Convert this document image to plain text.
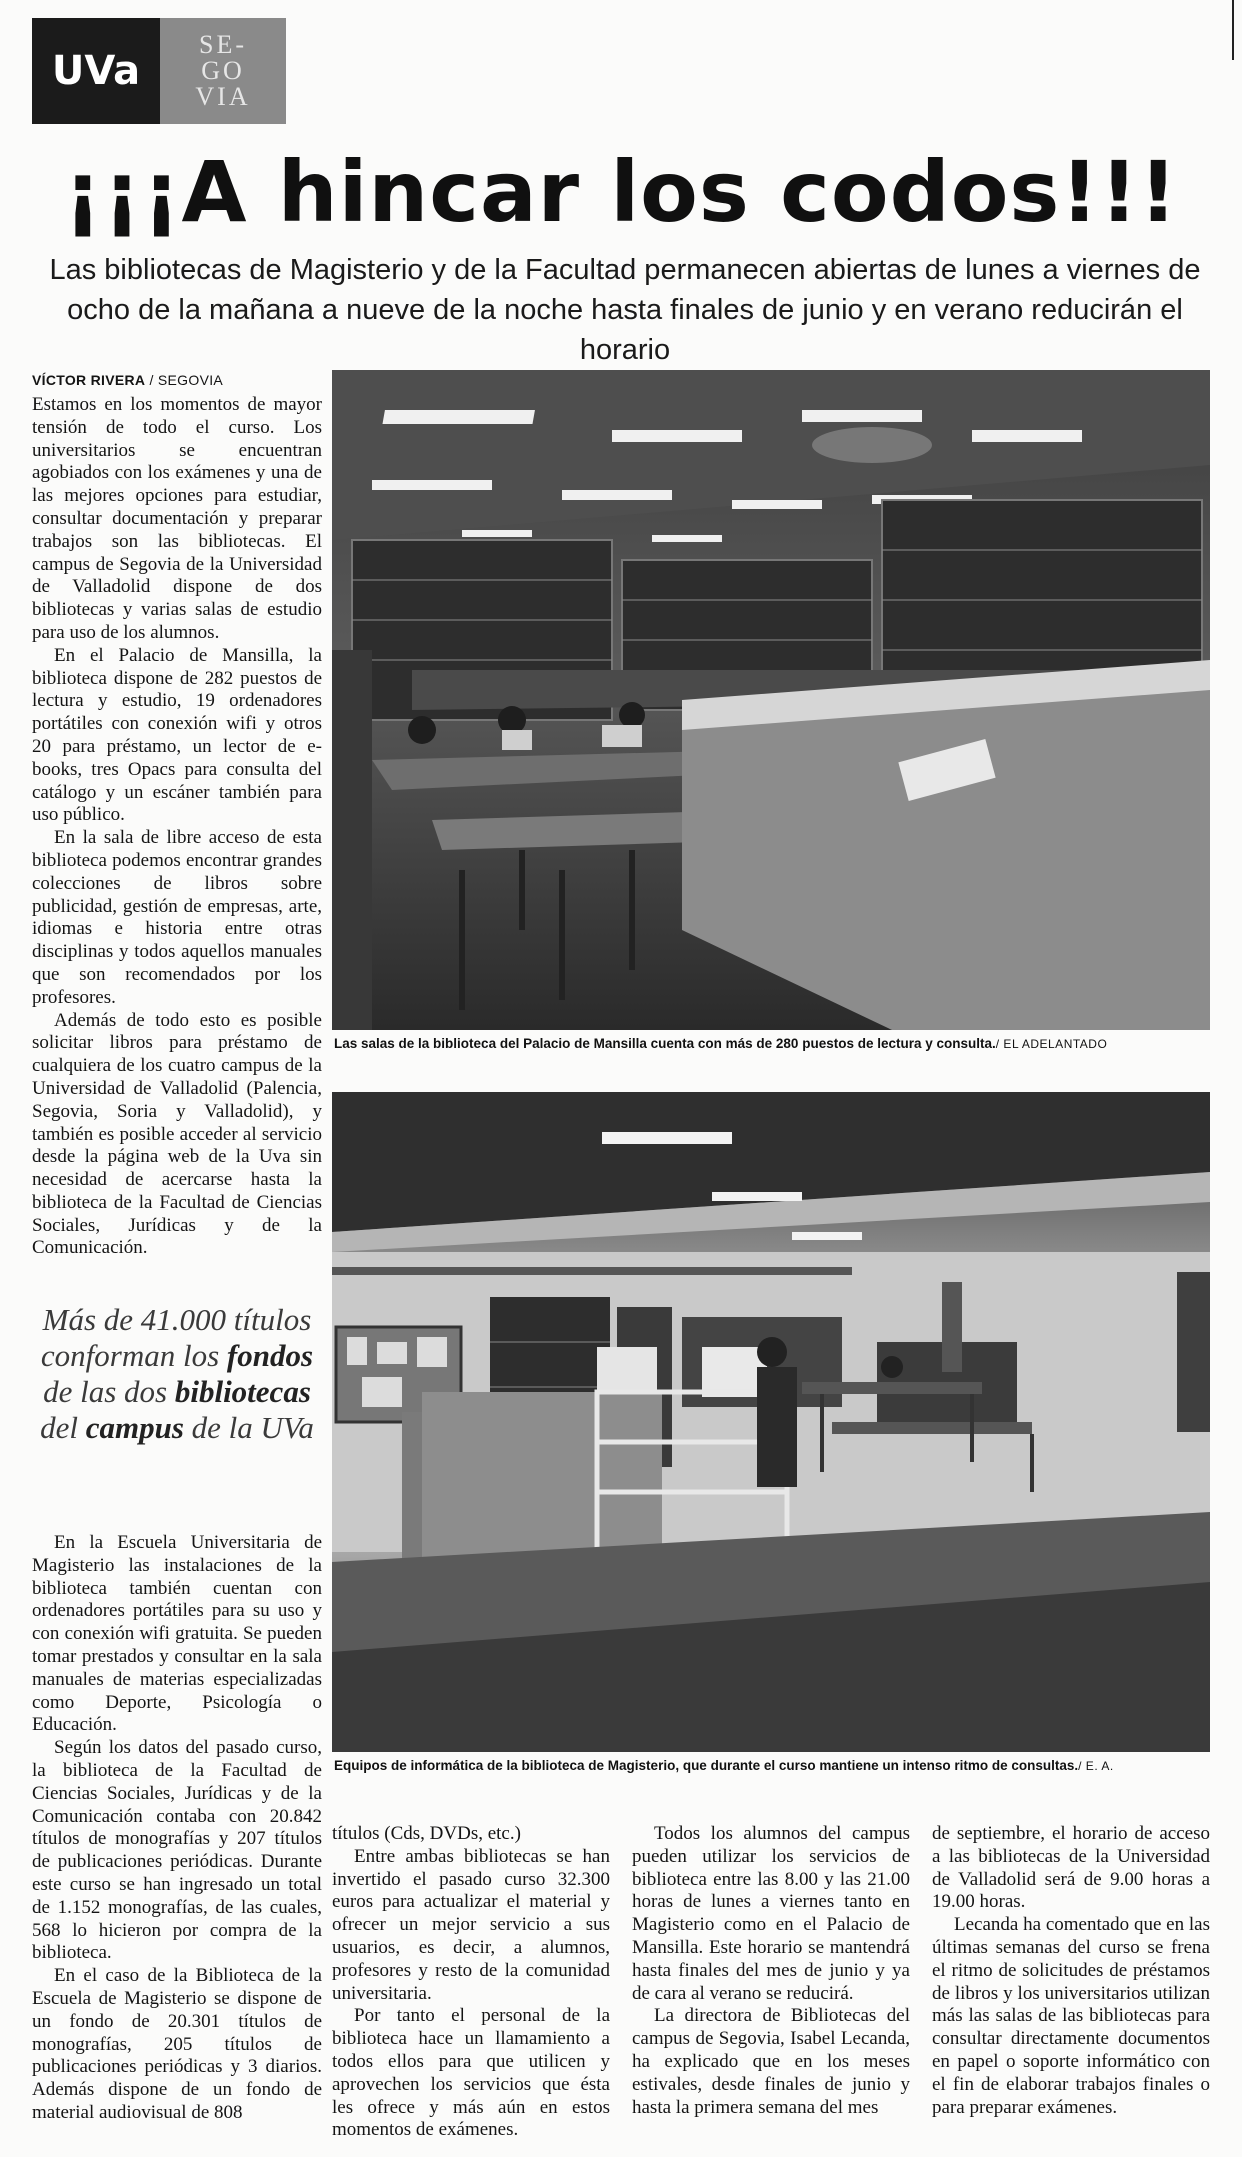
UVa
SE-
GO
VIA
¡¡¡A hincar los codos!!!
Las bibliotecas de Magisterio y de la Facultad permanecen abiertas de lunes a viernes de ocho de la mañana a nueve de la noche hasta finales de junio y en verano reducirán el horario
VÍCTOR RIVERA / SEGOVIA

Estamos en los momentos de mayor tensión de todo el curso. Los universitarios se encuentran agobiados con los exámenes y una de las mejores opciones para estudiar, consultar documentación y preparar trabajos son las bibliotecas. El campus de Segovia de la Universidad de Valladolid dispone de dos bibliotecas y varias salas de estudio para uso de los alumnos.

En el Palacio de Mansilla, la biblioteca dispone de 282 puestos de lectura y estudio, 19 ordenadores portátiles con conexión wifi y otros 20 para préstamo, un lector de e-books, tres Opacs para consulta del catálogo y un escáner también para uso público.

En la sala de libre acceso de esta biblioteca podemos encontrar grandes colecciones de libros sobre publicidad, gestión de empresas, arte, idiomas e historia entre otras disciplinas y todos aquellos manuales que son recomendados por los profesores.

Además de todo esto es posible solicitar libros para préstamo de cualquiera de los cuatro campus de la Universidad de Valladolid (Palencia, Segovia, Soria y Valladolid), y también es posible acceder al servicio desde la página web de la Uva sin necesidad de acercarse hasta la biblioteca de la Facultad de Ciencias Sociales, Jurídicas y de la Comunicación.

Más de 41.000 títulos conforman los fondos de las dos bibliotecas del campus de la UVa

En la Escuela Universitaria de Magisterio las instalaciones de la biblioteca también cuentan con ordenadores portátiles para su uso y con conexión wifi gratuita. Se pueden tomar prestados y consultar en la sala manuales de materias especializadas como Deporte, Psicología o Educación.

Según los datos del pasado curso, la biblioteca de la Facultad de Ciencias Sociales, Jurídicas y de la Comunicación contaba con 20.842 títulos de monografías y 207 títulos de publicaciones periódicas. Durante este curso se han ingresado un total de 1.152 monografías, de las cuales, 568 lo hicieron por compra de la biblioteca.

En el caso de la Biblioteca de la Escuela de Magisterio se dispone de un fondo de 20.301 títulos de monografías, 205 títulos de publicaciones periódicas y 3 diarios. Además dispone de un fondo de material audiovisual de 808

títulos (Cds, DVDs, etc.)

Entre ambas bibliotecas se han invertido el pasado curso 32.300 euros para actualizar el material y ofrecer un mejor servicio a sus usuarios, es decir, a alumnos, profesores y resto de la comunidad universitaria.

Por tanto el personal de la biblioteca hace un llamamiento a todos ellos para que utilicen y aprovechen los servicios que ésta les ofrece y más aún en estos momentos de exámenes.

Todos los alumnos del campus pueden utilizar los servicios de biblioteca entre las 8.00 y las 21.00 horas de lunes a viernes tanto en Magisterio como en el Palacio de Mansilla. Este horario se mantendrá hasta finales del mes de junio y ya de cara al verano se reducirá.

La directora de Bibliotecas del campus de Segovia, Isabel Lecanda, ha explicado que en los meses estivales, desde finales de junio y hasta la primera semana del mes

de septiembre, el horario de acceso a las bibliotecas de la Universidad de Valladolid será de 9.00 horas a 19.00 horas.

Lecanda ha comentado que en las últimas semanas del curso se frena el ritmo de solicitudes de préstamos de libros y los universitarios utilizan más las salas de las bibliotecas para consultar directamente documentos en papel o soporte informático con el fin de elaborar trabajos finales o para preparar exámenes.

Las salas de la biblioteca del Palacio de Mansilla cuenta con más de 280 puestos de lectura y consulta./ EL ADELANTADO
Equipos de informática de la biblioteca de Magisterio, que durante el curso mantiene un intenso ritmo de consultas./ E. A.
